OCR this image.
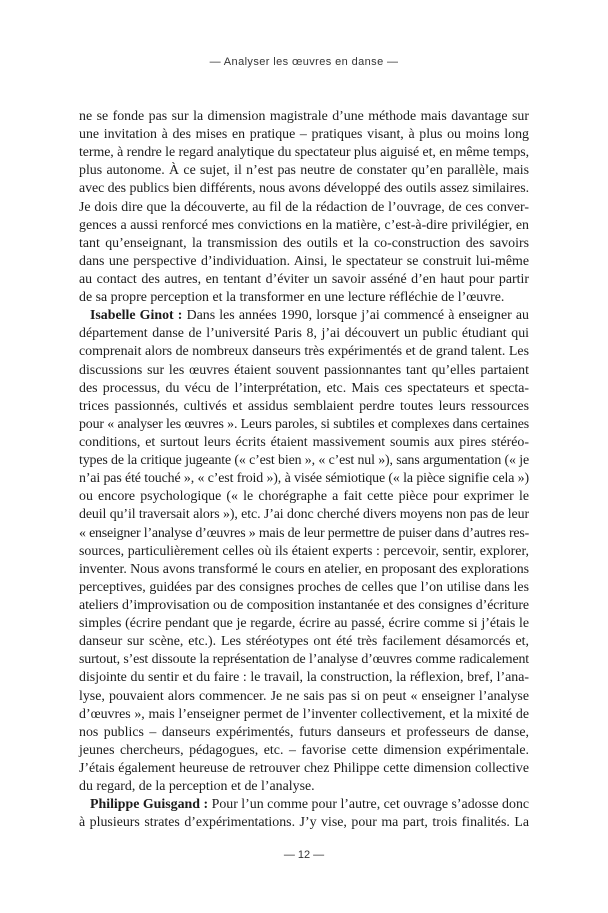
— Analyser les œuvres en danse —
ne se fonde pas sur la dimension magistrale d’une méthode mais davantage sur
une invitation à des mises en pratique – pratiques visant, à plus ou moins long
terme, à rendre le regard analytique du spectateur plus aiguisé et, en même temps,
plus autonome. À ce sujet, il n’est pas neutre de constater qu’en parallèle, mais
avec des publics bien différents, nous avons développé des outils assez similaires.
Je dois dire que la découverte, au fil de la rédaction de l’ouvrage, de ces conver-
gences a aussi renforcé mes convictions en la matière, c’est-à-dire privilégier, en
tant qu’enseignant, la transmission des outils et la co-construction des savoirs
dans une perspective d’individuation. Ainsi, le spectateur se construit lui-même
au contact des autres, en tentant d’éviter un savoir asséné d’en haut pour partir
de sa propre perception et la transformer en une lecture réfléchie de l’œuvre.
Isabelle Ginot : Dans les années 1990, lorsque j’ai commencé à enseigner au
département danse de l’université Paris 8, j’ai découvert un public étudiant qui
comprenait alors de nombreux danseurs très expérimentés et de grand talent. Les
discussions sur les œuvres étaient souvent passionnantes tant qu’elles partaient
des processus, du vécu de l’interprétation, etc. Mais ces spectateurs et specta-
trices passionnés, cultivés et assidus semblaient perdre toutes leurs ressources
pour « analyser les œuvres ». Leurs paroles, si subtiles et complexes dans certaines
conditions, et surtout leurs écrits étaient massivement soumis aux pires stéréo-
types de la critique jugeante (« c’est bien », « c’est nul »), sans argumentation (« je
n’ai pas été touché », « c’est froid »), à visée sémiotique (« la pièce signifie cela »)
ou encore psychologique (« le chorégraphe a fait cette pièce pour exprimer le
deuil qu’il traversait alors »), etc. J’ai donc cherché divers moyens non pas de leur
« enseigner l’analyse d’œuvres » mais de leur permettre de puiser dans d’autres res-
sources, particulièrement celles où ils étaient experts : percevoir, sentir, explorer,
inventer. Nous avons transformé le cours en atelier, en proposant des explorations
perceptives, guidées par des consignes proches de celles que l’on utilise dans les
ateliers d’improvisation ou de composition instantanée et des consignes d’écriture
simples (écrire pendant que je regarde, écrire au passé, écrire comme si j’étais le
danseur sur scène, etc.). Les stéréotypes ont été très facilement désamorcés et,
surtout, s’est dissoute la représentation de l’analyse d’œuvres comme radicalement
disjointe du sentir et du faire : le travail, la construction, la réflexion, bref, l’ana-
lyse, pouvaient alors commencer. Je ne sais pas si on peut « enseigner l’analyse
d’œuvres », mais l’enseigner permet de l’inventer collectivement, et la mixité de
nos publics – danseurs expérimentés, futurs danseurs et professeurs de danse,
jeunes chercheurs, pédagogues, etc. – favorise cette dimension expérimentale.
J’étais également heureuse de retrouver chez Philippe cette dimension collective
du regard, de la perception et de l’analyse.
Philippe Guisgand : Pour l’un comme pour l’autre, cet ouvrage s’adosse donc
à plusieurs strates d’expérimentations. J’y vise, pour ma part, trois finalités. La
— 12 —
